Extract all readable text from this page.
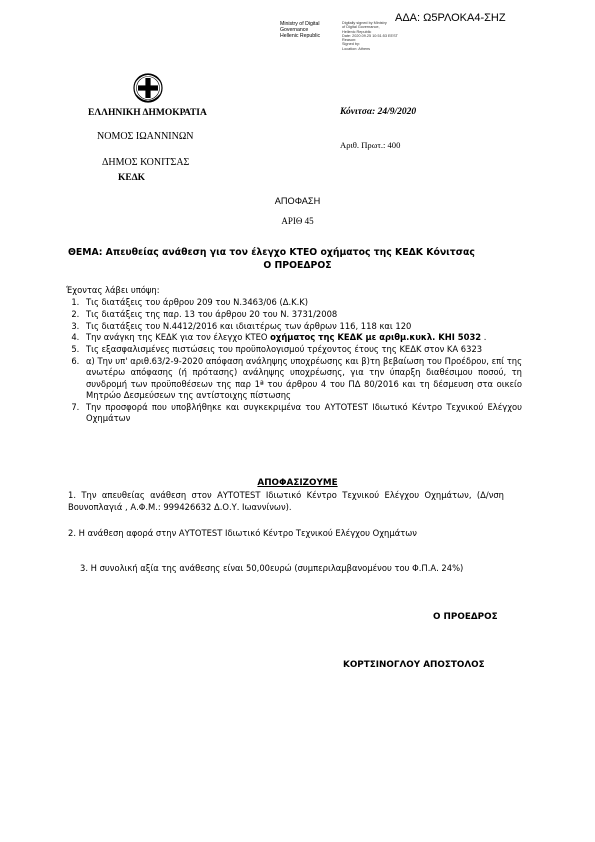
ΑΔΑ: Ω5ΡΛΟΚΑ4-ΣΗΖ
Ministry of Digital
Governance
Hellenic Republic
Digitally signed by Ministry
of Digital Governance,
Hellenic Republic
Date: 2020.09.25 10:51:53 EEST
Reason:
Signed by:
Location: Athens
ΕΛΛΗΝΙΚΗ ΔΗΜΟΚΡΑΤΙΑ
ΝΟΜΟΣ ΙΩΑΝΝΙΝΩΝ
ΔΗΜΟΣ ΚΟΝΙΤΣΑΣ
ΚΕΔΚ
Κόνιτσα: 24/9/2020
Αριθ. Πρωτ.: 400
ΑΠΟΦΑΣΗ
ΑΡΙΘ 45
ΘΕΜΑ: Απευθείας ανάθεση για τον έλεγχο ΚΤΕΟ οχήματος της ΚΕΔΚ Κόνιτσας
Ο ΠΡΟΕΔΡΟΣ
Έχοντας λάβει υπόψη:
1. Τις διατάξεις του άρθρου 209 του Ν.3463/06 (Δ.Κ.Κ)
2. Τις διατάξεις της παρ. 13 του άρθρου 20 του Ν. 3731/2008
3. Τις διατάξεις του Ν.4412/2016 και ιδιαιτέρως των άρθρων 116, 118 και 120
4. Την ανάγκη της ΚΕΔΚ για τον έλεγχο ΚΤΕΟ οχήματος της ΚΕΔΚ με αριθμ.κυκλ. ΚΗΙ 5032 .
5. Τις εξασφαλισμένες πιστώσεις του προϋπολογισμού τρέχοντος έτους της ΚΕΔΚ στον ΚΑ 6323
6. α) Την υπ' αριθ.63/2-9-2020 απόφαση ανάληψης υποχρέωσης και β)τη βεβαίωση του Προέδρου, επί της ανωτέρω απόφασης (ή πρότασης) ανάληψης υποχρέωσης, για την ύπαρξη διαθέσιμου ποσού, τη συνδρομή των προϋποθέσεων της παρ 1ª του άρθρου 4 του ΠΔ 80/2016 και τη δέσμευση στα οικείο Μητρώο Δεσμεύσεων της αντίστοιχης πίστωσης
7. Την προσφορά που υποβλήθηκε και συγκεκριμένα του ΑΥΤΟΤΕST Ιδιωτικό Κέντρο Τεχνικού Ελέγχου Οχημάτων
ΑΠΟΦΑΣΙΖΟΥΜΕ
1. Την απευθείας ανάθεση στον ΑΥΤΟΤΕST Ιδιωτικό Κέντρο Τεχνικού Ελέγχου Οχημάτων, (Δ/νση Βουνοπλαγιά , Α.Φ.Μ.: 999426632 Δ.Ο.Υ. Ιωαννίνων).
2. Η ανάθεση αφορά στην ΑΥΤΟΤΕST Ιδιωτικό Κέντρο Τεχνικού Ελέγχου Οχημάτων
3. Η συνολική αξία της ανάθεσης είναι 50,00ευρώ (συμπεριλαμβανομένου του Φ.Π.Α. 24%)
Ο ΠΡΟΕΔΡΟΣ
ΚΟΡΤΣΙΝΟΓΛΟΥ ΑΠΟΣΤΟΛΟΣ
